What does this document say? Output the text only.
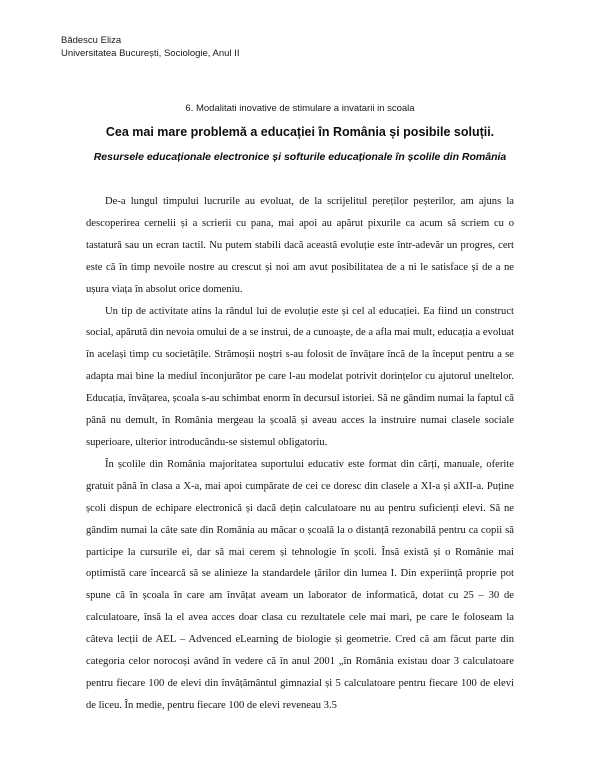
Bădescu Eliza
Universitatea București, Sociologie, Anul II
6. Modalitati inovative de stimulare a invatarii in scoala
Cea mai mare problemă a educației în România și posibile soluții.
Resursele educaționale electronice și softurile educaționale în școlile din România

De-a lungul timpului lucrurile au evoluat, de la scrijelitul pereților peșterilor, am ajuns la descoperirea cernelii și a scrierii cu pana, mai apoi au apărut pixurile ca acum să scriem cu o tastatură sau un ecran tactil. Nu putem stabili dacă această evoluție este într-adevăr un progres, cert este că în timp nevoile nostre au crescut și noi am avut posibilitatea de a ni le satisface și de a ne ușura viața în absolut orice domeniu.

Un tip de activitate atins la rândul lui de evoluție este și cel al educației. Ea fiind un construct social, apărută din nevoia omului de a se instrui, de a cunoaște, de a afla mai mult, educația a evoluat în același timp cu societățile. Strămoșii noștri s-au folosit de învățare încă de la început pentru a se adapta mai bine la mediul înconjurător pe care l-au modelat potrivit dorințelor cu ajutorul uneltelor. Educația, învățarea, școala s-au schimbat enorm în decursul istoriei. Să ne gândim numai la faptul că până nu demult, în România mergeau la școală și aveau acces la instruire numai clasele sociale superioare, ulterior introducându-se sistemul obligatoriu.

În școlile din România majoritatea suportului educativ este format din cărți, manuale, oferite gratuit până în clasa a X-a, mai apoi cumpărate de cei ce doresc din clasele a XI-a și aXII-a. Puține școli dispun de echipare electronică și dacă dețin calculatoare nu au pentru suficienți elevi. Să ne gândim numai la câte sate din România au măcar o școală la o distanță rezonabilă pentru ca copii să participe la cursurile ei, dar să mai cerem și tehnologie în școli. Însă există și o Românie mai optimistă care încearcă să se alinieze la standardele țărilor din lumea I. Din experiință proprie pot spune că în școala în care am învățat aveam un laborator de informatică, dotat cu 25 – 30 de calculatoare, însă la el avea acces doar clasa cu rezultatele cele mai mari, pe care le foloseam la câteva lecții de AEL – Advenced eLearning de biologie și geometrie. Cred că am făcut parte din categoria celor norocoși având în vedere că în anul 2001 „în România existau doar 3 calculatoare pentru fiecare 100 de elevi din învățământul gimnazial și 5 calculatoare pentru fiecare 100 de elevi de liceu. În medie, pentru fiecare 100 de elevi reveneau 3.5
